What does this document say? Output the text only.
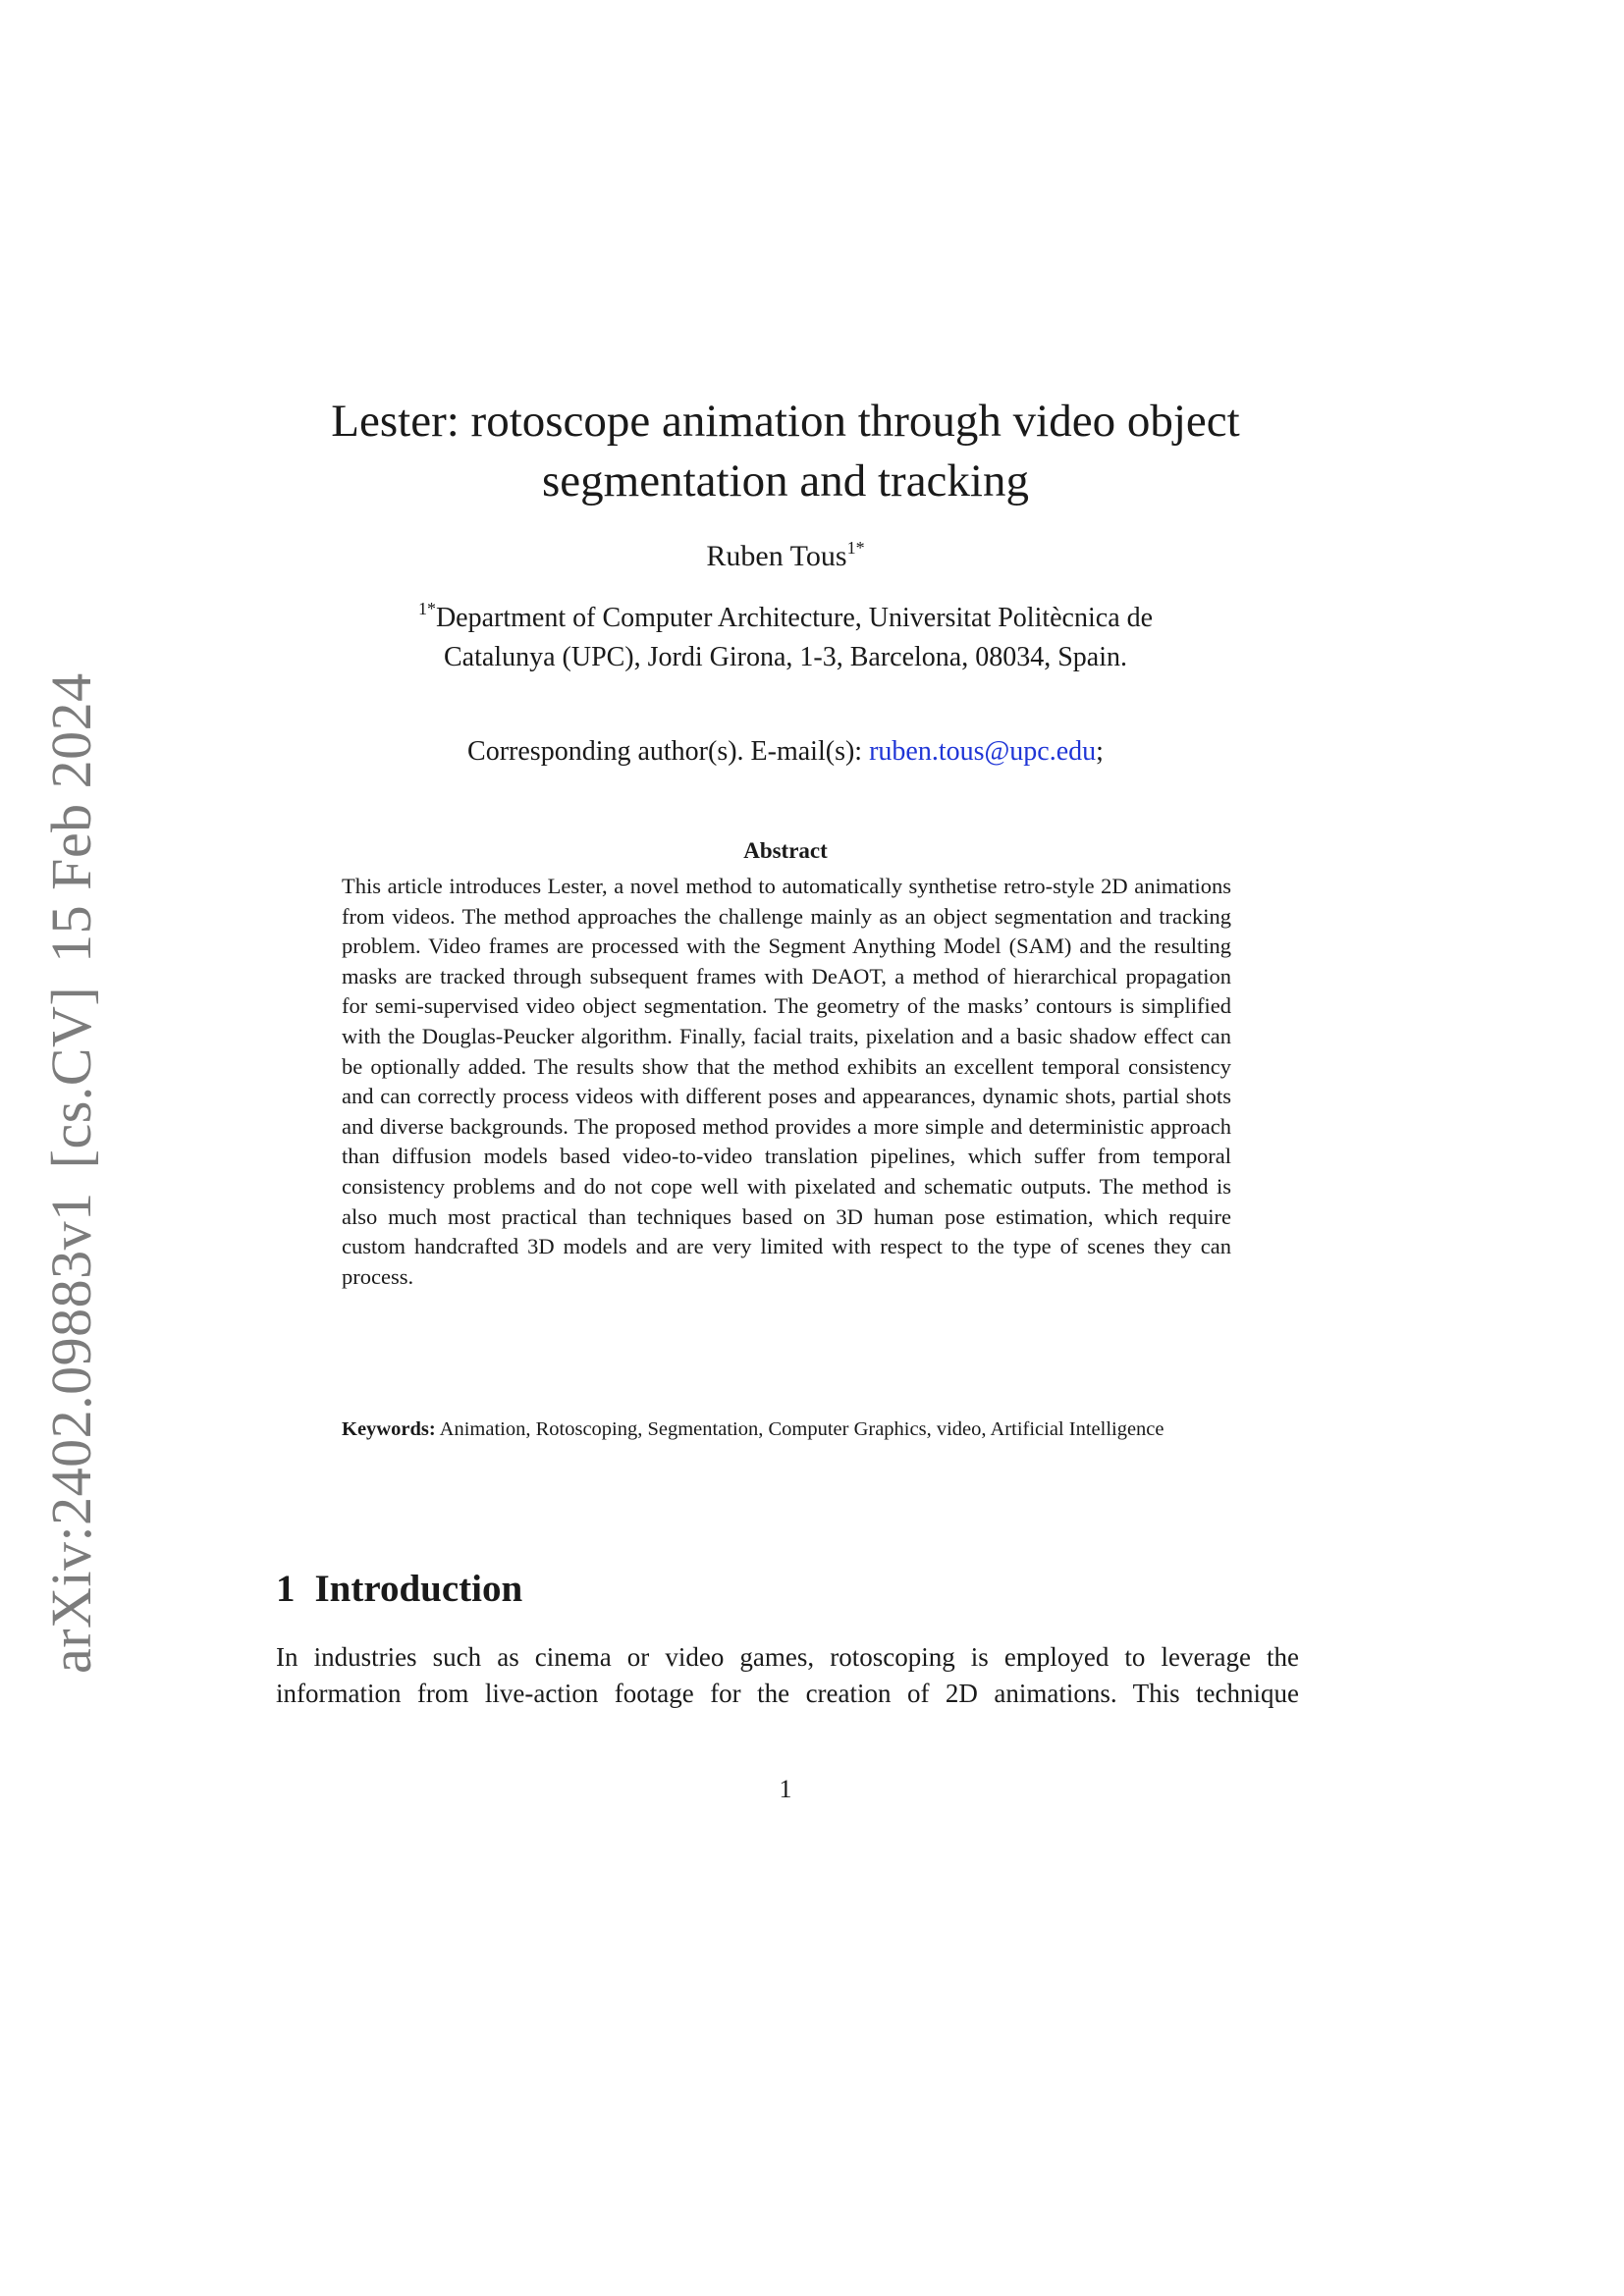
arXiv:2402.09883v1[cs.CV]15 Feb 2024
Lester: rotoscope animation through video object
segmentation and tracking
Ruben Tous$^{1*}$
$^{1*}$Department of Computer Architecture, Universitat Politècnica de
Catalunya (UPC), Jordi Girona, 1-3, Barcelona, 08034, Spain.
Corresponding author(s). E-mail(s): ruben.tous@upc.edu;
Abstract

This article introduces Lester, a novel method to automatically synthetise retro-style 2D animations from videos. The method approaches the challenge mainly as an object segmentation and tracking problem. Video frames are processed with the Segment Anything Model (SAM) and the resulting masks are tracked through subsequent frames with DeAOT, a method of hierarchical propagation for semi-supervised video object segmentation. The geometry of the masks’ contours is simplified with the Douglas-Peucker algorithm. Finally, facial traits, pixelation and a basic shadow effect can be optionally added. The results show that the method exhibits an excellent temporal consistency and can correctly process videos with different poses and appearances, dynamic shots, partial shots and diverse backgrounds. The proposed method provides a more simple and deterministic approach than diffusion models based video-to-video translation pipelines, which suffer from temporal consistency problems and do not cope well with pixelated and schematic outputs. The method is also much most practical than techniques based on 3D human pose estimation, which require custom handcrafted 3D models and are very limited with respect to the type of scenes they can process.

Keywords: Animation, Rotoscoping, Segmentation, Computer Graphics, video, Artificial Intelligence
1 Introduction
In industries such as cinema or video games, rotoscoping is employed to leverage the
information from live-action footage for the creation of 2D animations. This technique
1
